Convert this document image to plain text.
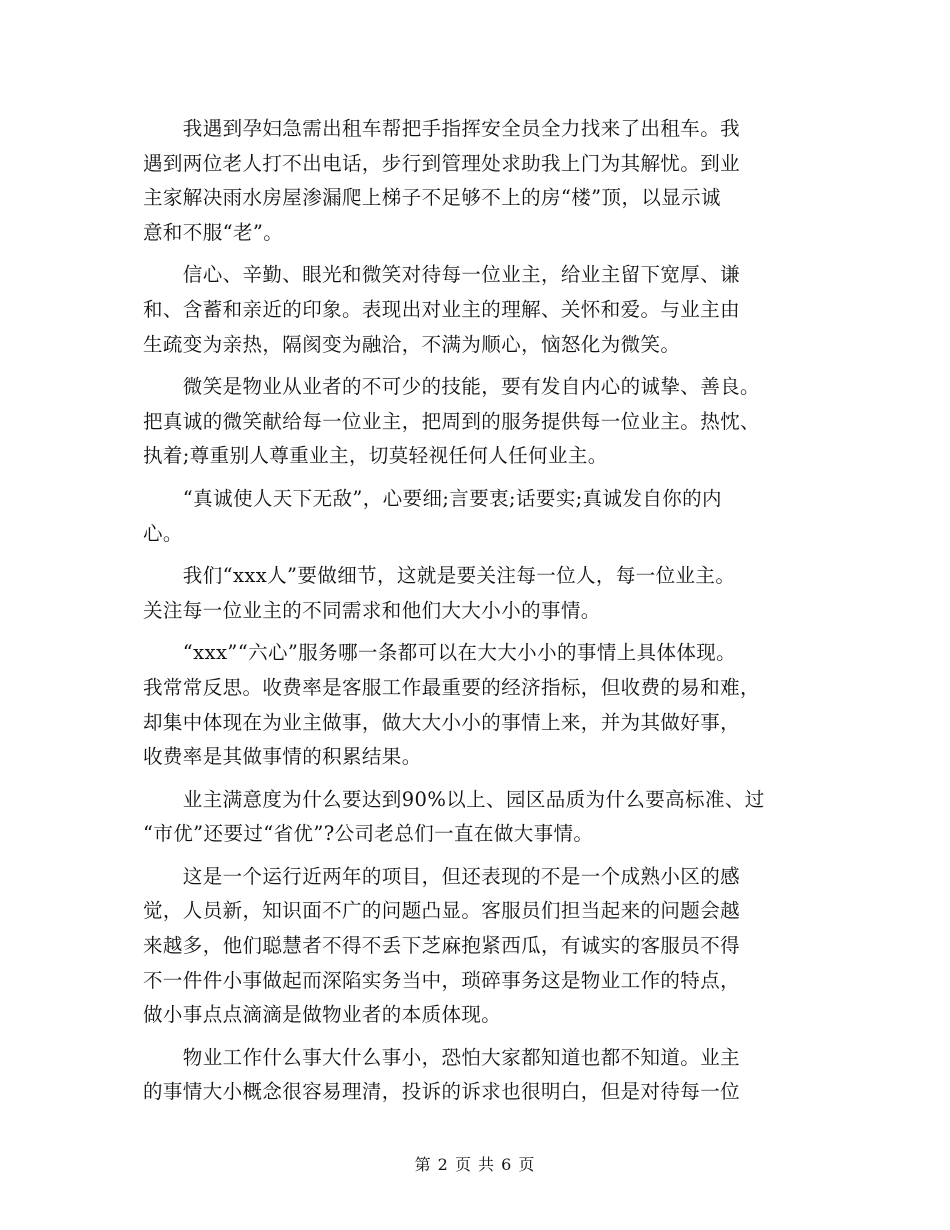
　　我遇到孕妇急需出租车帮把手指挥安全员全力找来了出租车。我
遇到两位老人打不出电话，步行到管理处求助我上门为其解忧。到业
主家解决雨水房屋渗漏爬上梯子不足够不上的房“楼”顶，以显示诚
意和不服“老”。
　　信心、辛勤、眼光和微笑对待每一位业主，给业主留下宽厚、谦
和、含蓄和亲近的印象。表现出对业主的理解、关怀和爱。与业主由
生疏变为亲热，隔阂变为融洽，不满为顺心，恼怒化为微笑。
　　微笑是物业从业者的不可少的技能，要有发自内心的诚挚、善良。
把真诚的微笑献给每一位业主，把周到的服务提供每一位业主。热忱、
执着;尊重别人尊重业主，切莫轻视任何人任何业主。
　　“真诚使人天下无敌”，心要细;言要衷;话要实;真诚发自你的内
心。
　　我们“xxx人”要做细节，这就是要关注每一位人，每一位业主。
关注每一位业主的不同需求和他们大大小小的事情。
　　“xxx”“六心”服务哪一条都可以在大大小小的事情上具体体现。
我常常反思。收费率是客服工作最重要的经济指标，但收费的易和难，
却集中体现在为业主做事，做大大小小的事情上来，并为其做好事，
收费率是其做事情的积累结果。
　　业主满意度为什么要达到90%以上、园区品质为什么要高标准、过
“市优”还要过“省优”?公司老总们一直在做大事情。
　　这是一个运行近两年的项目，但还表现的不是一个成熟小区的感
觉，人员新，知识面不广的问题凸显。客服员们担当起来的问题会越
来越多，他们聪慧者不得不丢下芝麻抱紧西瓜，有诚实的客服员不得
不一件件小事做起而深陷实务当中，琐碎事务这是物业工作的特点，
做小事点点滴滴是做物业者的本质体现。
　　物业工作什么事大什么事小，恐怕大家都知道也都不知道。业主
的事情大小概念很容易理清，投诉的诉求也很明白，但是对待每一位
第 2 页 共 6 页
